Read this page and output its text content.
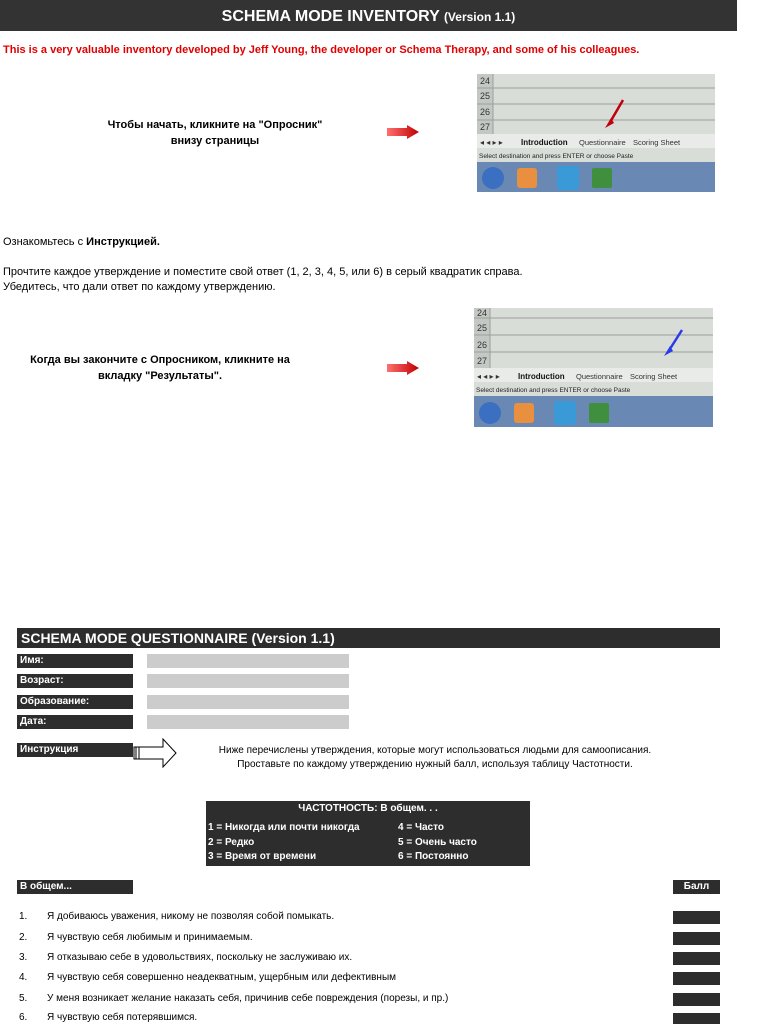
SCHEMA MODE INVENTORY (Version 1.1)
This is a very valuable inventory developed by Jeff Young, the developer or Schema Therapy, and some of his colleagues.
Чтобы начать, кликните на "Опросник"
внизу страницы
24
25
26
27
◂ ◂ ▸ ▸ Introduction Questionnaire Scoring Sheet
Select destination and press ENTER or choose Paste
Ознакомьтесь с Инструкцией.
Прочтите каждое утверждение и поместите свой ответ (1, 2, 3, 4, 5, или 6) в серый квадратик справа.
Убедитесь, что дали ответ по каждому утверждению.
Когда вы закончите с Опросником, кликните на
вкладку "Результаты".
24
25
26
27
◂ ◂ ▸ ▸ Introduction Questionnaire Scoring Sheet
Select destination and press ENTER or choose Paste
SCHEMA MODE QUESTIONNAIRE (Version 1.1)
Имя:
Возраст:
Образование:
Дата:
Инструкция	Ниже перечислены утверждения, которые могут использоваться людьми для самоописания.
Проставьте по каждому утверждению нужный балл, используя таблицу Частотности.
ЧАСТОТНОСТЬ: В общем. . .
1 = Никогда или почти никогда
2 = Редко
3 = Время от времени
4 = Часто
5 = Очень часто
6 = Постоянно
В общем...	Балл
1. Я добиваюсь уважения, никому не позволяя собой помыкать.
2. Я чувствую себя любимым и принимаемым.
3. Я отказываю себе в удовольствиях, поскольку не заслуживаю их.
4. Я чувствую себя совершенно неадекватным, ущербным или дефективным
5. У меня возникает желание наказать себя, причинив себе повреждения (порезы, и пр.)
6. Я чувствую себя потерявшимся.
